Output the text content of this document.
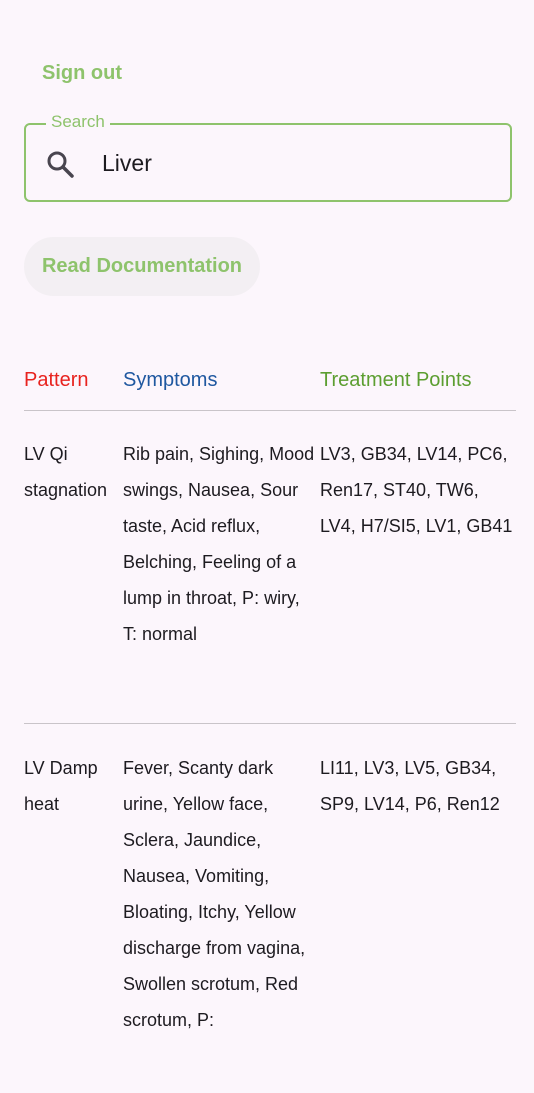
Sign out
Search
Liver
Read Documentation
Pattern Symptoms	Treatment Points
LV Qi stagnation
Rib pain, Sighing, Mood swings, Nausea, Sour taste, Acid reflux, Belching, Feeling of a lump in throat, P: wiry, T: normal
LV3, GB34, LV14, PC6, Ren17, ST40, TW6, LV4, H7/SI5, LV1, GB41
LV Damp heat
Fever, Scanty dark urine, Yellow face, Sclera, Jaundice, Nausea, Vomiting, Bloating, Itchy, Yellow discharge from vagina, Swollen scrotum, Red scrotum, P:
LI11, LV3, LV5, GB34, SP9, LV14, P6, Ren12
